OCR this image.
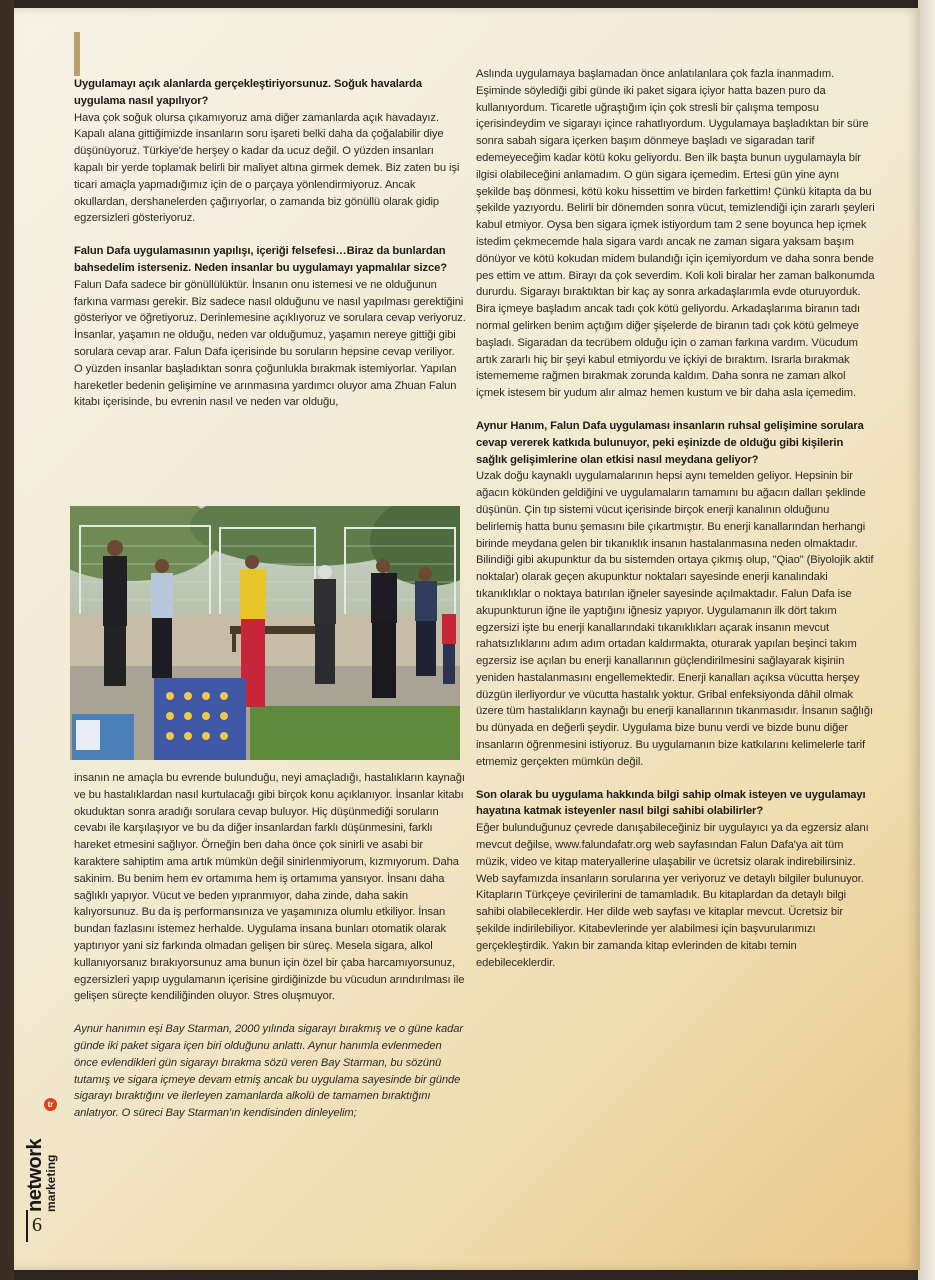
Uygulamayı açık alanlarda gerçekleştiriyorsunuz. Soğuk havalarda uygulama nasıl yapılıyor?

Hava çok soğuk olursa çıkamıyoruz ama diğer zamanlarda açık havadayız. Kapalı alana gittiğimizde insanların soru işareti belki daha da çoğalabilir diye düşünüyoruz. Türkiye'de herşey o kadar da ucuz değil. O yüzden insanları kapalı bir yerde toplamak belirli bir maliyet altına girmek demek. Biz zaten bu işi ticari amaçla yapmadığımız için de o parçaya yönlendirmiyoruz. Ancak okullardan, dershanelerden çağırıyorlar, o zamanda biz gönüllü olarak gidip egzersizleri gösteriyoruz.

Falun Dafa uygulamasının yapılışı, içeriği felsefesi…Biraz da bunlardan bahsedelim isterseniz. Neden insanlar bu uygulamayı yapmalılar sizce?

Falun Dafa sadece bir gönüllülüktür. İnsanın onu istemesi ve ne olduğunun farkına varması gerekir. Biz sadece nasıl olduğunu ve nasıl yapılması gerektiğini gösteriyor ve öğretiyoruz. Derinlemesine açıklıyoruz ve sorulara cevap veriyoruz. İnsanlar, yaşamın ne olduğu, neden var olduğumuz, yaşamın nereye gittiği gibi sorulara cevap arar. Falun Dafa içerisinde bu soruların hepsine cevap veriliyor. O yüzden insanlar başladıktan sonra çoğunlukla bırakmak istemiyorlar. Yapılan hareketler bedenin gelişimine ve arınmasına yardımcı oluyor ama Zhuan Falun kitabı içerisinde, bu evrenin nasıl ve neden var olduğu,

insanın ne amaçla bu evrende bulunduğu, neyi amaçladığı, hastalıkların kaynağı ve bu hastalıklardan nasıl kurtulacağı gibi birçok konu açıklanıyor. İnsanlar kitabı okuduktan sonra aradığı sorulara cevap buluyor. Hiç düşünmediği soruların cevabı ile karşılaşıyor ve bu da diğer insanlardan farklı düşünmesini, farklı hareket etmesini sağlıyor. Örneğin ben daha önce çok sinirli ve asabi bir karaktere sahiptim ama artık mümkün değil sinirlenmiyorum, kızmıyorum. Daha sakinim. Bu benim hem ev ortamıma hem iş ortamıma yansıyor. İnsanı daha sağlıklı yapıyor. Vücut ve beden yıpranmıyor, daha zinde, daha sakin kalıyorsunuz. Bu da iş performansınıza ve yaşamınıza olumlu etkiliyor. İnsan bundan fazlasını istemez herhalde. Uygulama insana bunları otomatik olarak yaptırıyor yani siz farkında olmadan gelişen bir süreç. Mesela sigara, alkol kullanıyorsanız bırakıyorsunuz ama bunun için özel bir çaba harcamıyorsunuz, egzersizleri yapıp uygulamanın içerisine girdiğinizde bu vücudun arındırılması ile gelişen süreçte kendiliğinden oluyor. Stres oluşmuyor.

Aynur hanımın eşi Bay Starman, 2000 yılında sigarayı bırakmış ve o güne kadar günde iki paket sigara içen biri olduğunu anlattı. Aynur hanımla evlenmeden önce evlendikleri gün sigarayı bırakma sözü veren Bay Starman, bu sözünü tutamış ve sigara içmeye devam etmiş ancak bu uygulama sayesinde bir günde sigarayı bıraktığını ve ilerleyen zamanlarda alkolü de tamamen bıraktığını anlatıyor. O süreci Bay Starman'ın kendisinden dinleyelim;

Aslında uygulamaya başlamadan önce anlatılanlara çok fazla inanmadım. Eşiminde söylediği gibi günde iki paket sigara içiyor hatta bazen puro da kullanıyordum. Ticaretle uğraştığım için çok stresli bir çalışma temposu içerisindeydim ve sigarayı içince rahatlıyordum. Uygulamaya başladıktan bir süre sonra sabah sigara içerken başım dönmeye başladı ve sigaradan tarif edemeyeceğim kadar kötü koku geliyordu. Ben ilk başta bunun uygulamayla bir ilgisi olabileceğini anlamadım. O gün sigara içemedim. Ertesi gün yine aynı şekilde baş dönmesi, kötü koku hissettim ve birden farkettim! Çünkü kitapta da bu şekilde yazıyordu. Belirli bir dönemden sonra vücut, temizlendiği için zararlı şeyleri kabul etmiyor. Oysa ben sigara içmek istiyordum tam 2 sene boyunca hep içmek istedim çekmecemde hala sigara vardı ancak ne zaman sigara yaksam başım dönüyor ve kötü kokudan midem bulandığı için içemiyordum ve daha sonra bende pes ettim ve attım. Birayı da çok severdim. Koli koli biralar her zaman balkonumda dururdu. Sigarayı bıraktıktan bir kaç ay sonra arkadaşlarımla evde oturuyorduk. Bira içmeye başladım ancak tadı çok kötü geliyordu. Arkadaşlarıma biranın tadı normal gelirken benim açtığım diğer şişelerde de biranın tadı çok kötü gelmeye başladı. Sigaradan da tecrübem olduğu için o zaman farkına vardım. Vücudum artık zararlı hiç bir şeyi kabul etmiyordu ve içkiyi de bıraktım. Israrla bırakmak istemememe rağmen bırakmak zorunda kaldım. Daha sonra ne zaman alkol içmek istesem bir yudum alır almaz hemen kustum ve bir daha asla içemedim.

Aynur Hanım, Falun Dafa uygulaması insanların ruhsal gelişimine sorulara cevap vererek katkıda bulunuyor, peki eşinizde de olduğu gibi kişilerin sağlık gelişimlerine olan etkisi nasıl meydana geliyor?

Uzak doğu kaynaklı uygulamalarının hepsi aynı temelden geliyor. Hepsinin bir ağacın kökünden geldiğini ve uygulamaların tamamını bu ağacın dalları şeklinde düşünün. Çin tıp sistemi vücut içerisinde birçok enerji kanalının olduğunu belirlemiş hatta bunu şemasını bile çıkartmıştır. Bu enerji kanallarından herhangi birinde meydana gelen bir tıkanıklık insanın hastalanmasına neden olmaktadır. Bilindiği gibi akupunktur da bu sistemden ortaya çıkmış olup, "Qiao" (Biyolojik aktif noktalar) olarak geçen akupunktur noktaları sayesinde enerji kanalındaki tıkanıklıklar o noktaya batırılan iğneler sayesinde açılmaktadır. Falun Dafa ise akupunkturun iğne ile yaptığını iğnesiz yapıyor. Uygulamanın ilk dört takım egzersizi işte bu enerji kanallarındaki tıkanıklıkları açarak insanın mevcut rahatsızlıklarını adım adım ortadan kaldırmakta, oturarak yapılan beşinci takım egzersiz ise açılan bu enerji kanallarının güçlendirilmesini sağlayarak kişinin yeniden hastalanmasını engellemektedir. Enerji kanalları açıksa vücutta herşey düzgün ilerliyordur ve vücutta hastalık yoktur. Gribal enfeksiyonda dâhil olmak üzere tüm hastalıkların kaynağı bu enerji kanallarının tıkanmasıdır. İnsanın sağlığı bu dünyada en değerli şeydir. Uygulama bize bunu verdi ve bizde bunu diğer insanların öğrenmesini istiyoruz. Bu uygulamanın bize katkılarını kelimelerle tarif etmemiz gerçekten mümkün değil.

Son olarak bu uygulama hakkında bilgi sahip olmak isteyen ve uygulamayı hayatına katmak isteyenler nasıl bilgi sahibi olabilirler?

Eğer bulunduğunuz çevrede danışabileceğiniz bir uygulayıcı ya da egzersiz alanı mevcut değilse, www.falundafatr.org web sayfasından Falun Dafa'ya ait tüm müzik, video ve kitap materyallerine ulaşabilir ve ücretsiz olarak indirebilirsiniz. Web sayfamızda insanların sorularına yer veriyoruz ve detaylı bilgiler bulunuyor. Kitapların Türkçeye çevirilerini de tamamladık. Bu kitaplardan da detaylı bilgi sahibi olabileceklerdir. Her dilde web sayfası ve kitaplar mevcut. Ücretsiz bir şekilde indirilebiliyor. Kitabevlerinde yer alabilmesi için başvurularımızı gerçekleştirdik. Yakın bir zamanda kitap evlerinden de kitabı temin edebileceklerdir.

network
marketing
tr
6
